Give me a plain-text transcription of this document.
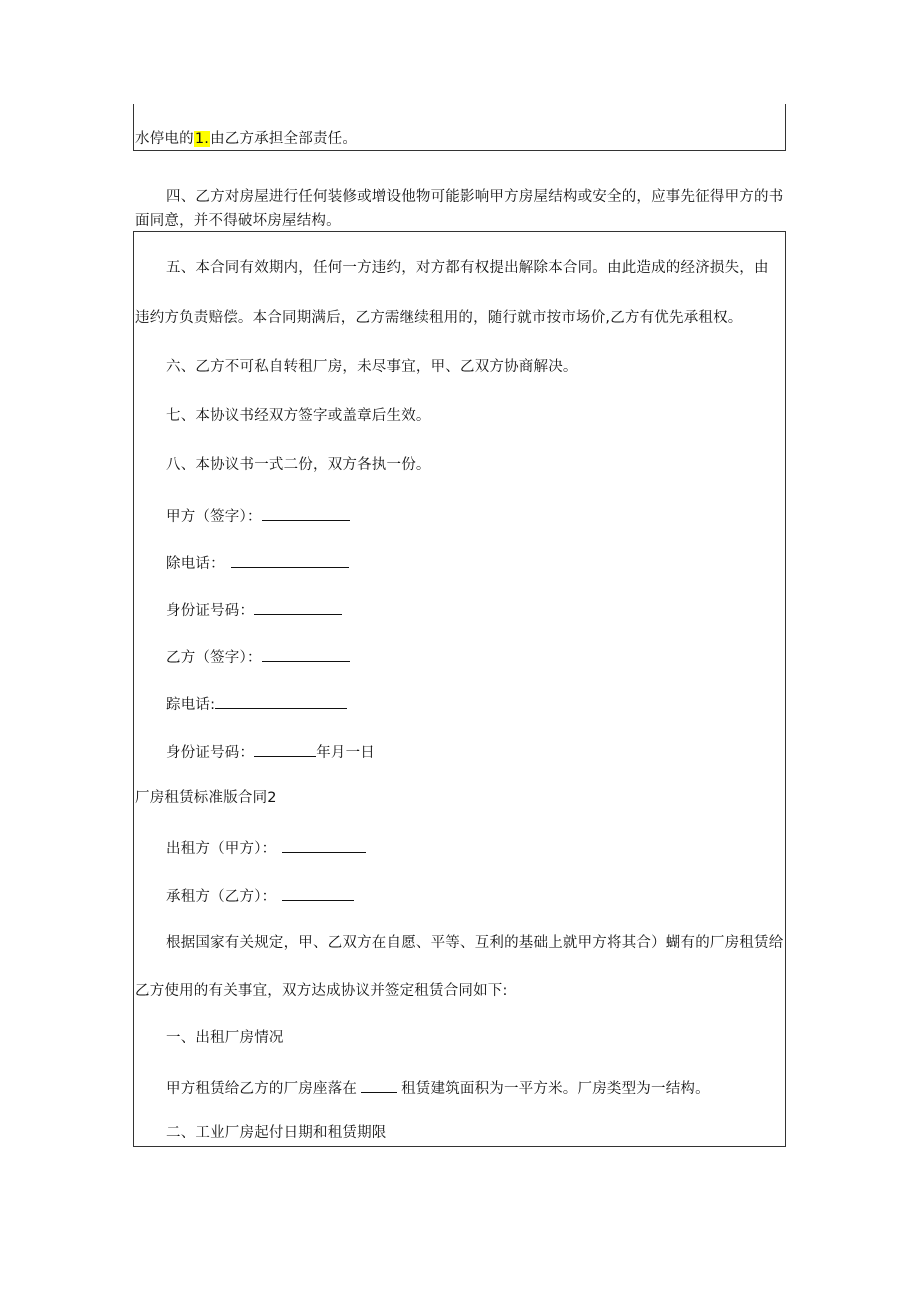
水停电的1.由乙方承担全部责任。
四、乙方对房屋进行任何装修或增设他物可能影响甲方房屋结构或安全的，应事先征得甲方的书
面同意，并不得破坏房屋结构。
五、本合同有效期内，任何一方违约，对方都有权提出解除本合同。由此造成的经济损失，由
违约方负责赔偿。本合同期满后，乙方需继续租用的，随行就市按市场价,乙方有优先承租权。
六、乙方不可私自转租厂房，未尽事宜，甲、乙双方协商解决。
七、本协议书经双方签字或盖章后生效。
八、本协议书一式二份，双方各执一份。
甲方（签字）：
除电话：
身份证号码：
乙方（签字）：
踪电话:
身份证号码：	年月一日
厂房租赁标准版合同2
出租方（甲方）：
承租方（乙方）：
根据国家有关规定，甲、乙双方在自愿、平等、互利的基础上就甲方将其合）蝴有的厂房租赁给
乙方使用的有关事宜，双方达成协议并签定租赁合同如下:
一、出租厂房情况
甲方租赁给乙方的厂房座落在	租赁建筑面积为一平方米。厂房类型为一结构。
二、工业厂房起付日期和租赁期限
